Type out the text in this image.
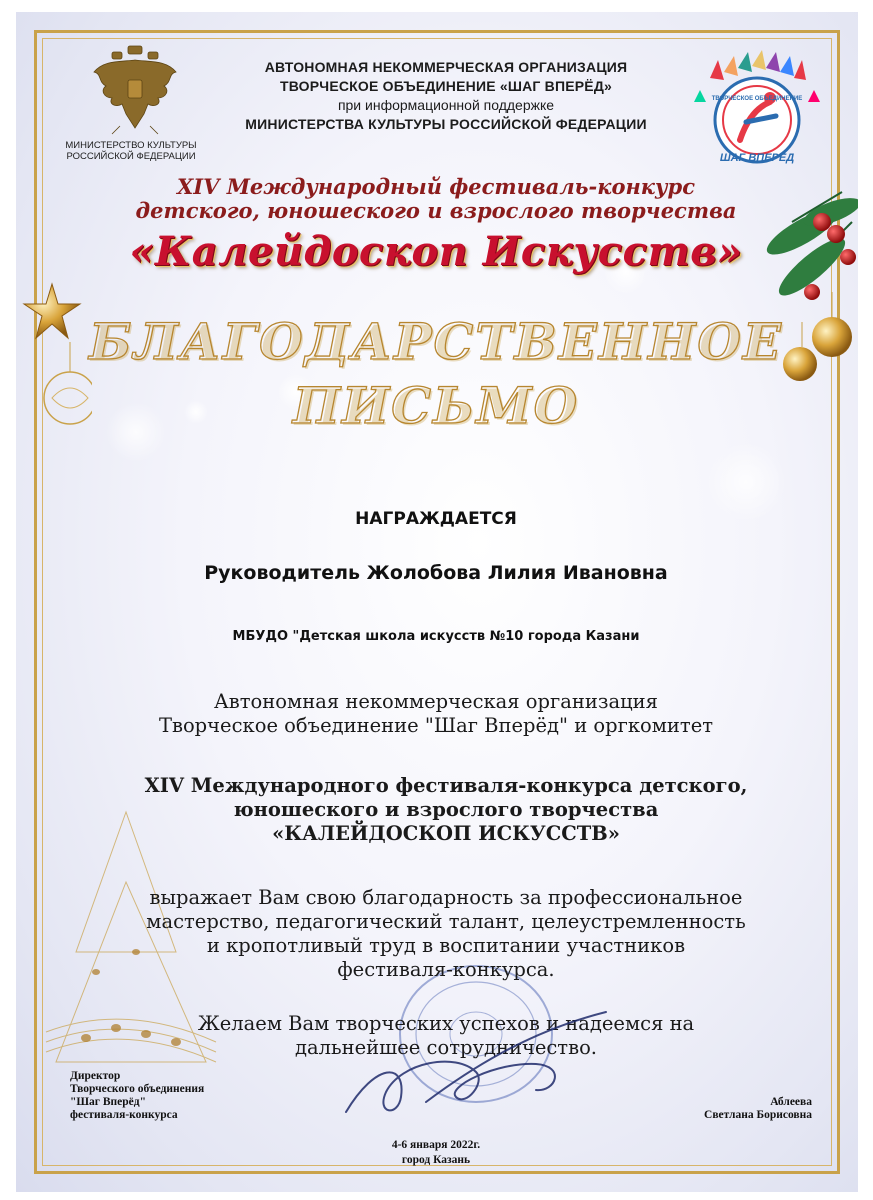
МИНИСТЕРСТВО КУЛЬТУРЫ
РОССИЙСКОЙ ФЕДЕРАЦИИ
АВТОНОМНАЯ НЕКОММЕРЧЕСКАЯ ОРГАНИЗАЦИЯ
ТВОРЧЕСКОЕ ОБЪЕДИНЕНИЕ «ШАГ ВПЕРЁД»
при информационной поддержке
МИНИСТЕРСТВА КУЛЬТУРЫ РОССИЙСКОЙ ФЕДЕРАЦИИ
ТВОРЧЕСКОЕ ОБЪЕДИНЕНИЕ
ШАГ ВПЕРЁД
XIV Международный фестиваль-конкурс
детского, юношеского и взрослого творчества
«Калейдоскоп Искусств»
БЛАГОДАРСТВЕННОЕ
ПИСЬМО
НАГРАЖДАЕТСЯ
Руководитель Жолобова Лилия Ивановна
МБУДО "Детская школа искусств №10 города Казани
Автономная некоммерческая организация
Творческое объединение "Шаг Вперёд" и оргкомитет
XIV Международного фестиваля-конкурса детского,
юношеского и взрослого творчества
«КАЛЕЙДОСКОП ИСКУССТВ»
выражает Вам свою благодарность за профессиональное
мастерство, педагогический талант, целеустремленность
и кропотливый труд в воспитании участников
фестиваля-конкурса.
Желаем Вам творческих успехов и надеемся на
дальнейшее сотрудничество.
Директор
Творческого объединения
"Шаг Вперёд"
фестиваля-конкурса
Аблеева
Светлана Борисовна
4-6 января 2022г.
город Казань
